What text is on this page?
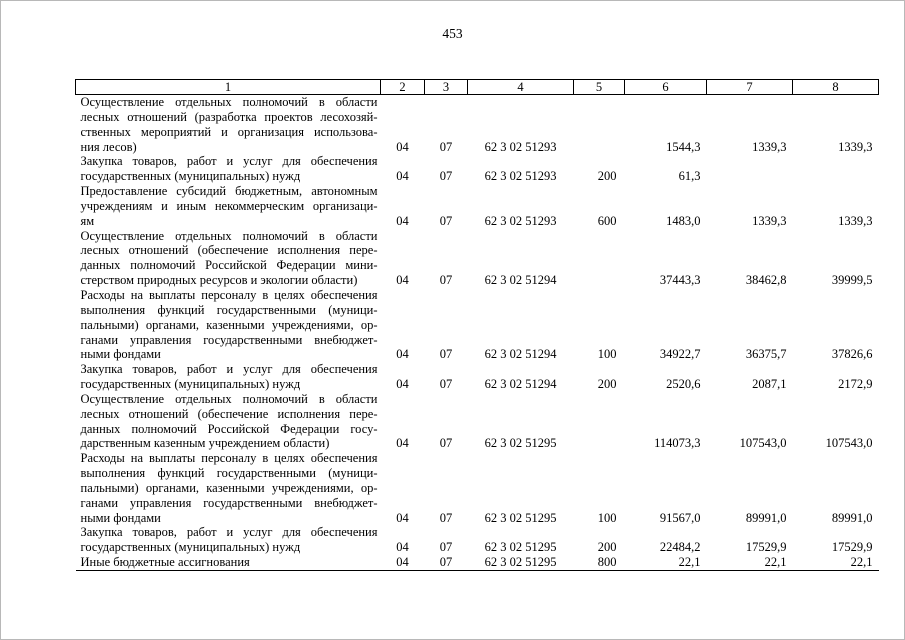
453
1	2	3	4	5	6	7	8

Осуществление отдельных полномочий в области
лесных отношений (разработка проектов лесохозяй-
ственных мероприятий и организация использова-
ния лесов)	04	07	62 3 02 51293		1544,3	1339,3	1339,3

Закупка товаров, работ и услуг для обеспечения
государственных (муниципальных) нужд	04	07	62 3 02 51293	200	61,3		

Предоставление субсидий бюджетным, автономным
учреждениям и иным некоммерческим организаци-
ям	04	07	62 3 02 51293	600	1483,0	1339,3	1339,3

Осуществление отдельных полномочий в области
лесных отношений (обеспечение исполнения пере-
данных полномочий Российской Федерации мини-
стерством природных ресурсов и экологии области)	04	07	62 3 02 51294		37443,3	38462,8	39999,5

Расходы на выплаты персоналу в целях обеспечения
выполнения функций государственными (муници-
пальными) органами, казенными учреждениями, ор-
ганами управления государственными внебюджет-
ными фондами	04	07	62 3 02 51294	100	34922,7	36375,7	37826,6

Закупка товаров, работ и услуг для обеспечения
государственных (муниципальных) нужд	04	07	62 3 02 51294	200	2520,6	2087,1	2172,9

Осуществление отдельных полномочий в области
лесных отношений (обеспечение исполнения пере-
данных полномочий Российской Федерации госу-
дарственным казенным учреждением области)	04	07	62 3 02 51295		114073,3	107543,0	107543,0

Расходы на выплаты персоналу в целях обеспечения
выполнения функций государственными (муници-
пальными) органами, казенными учреждениями, ор-
ганами управления государственными внебюджет-
ными фондами	04	07	62 3 02 51295	100	91567,0	89991,0	89991,0

Закупка товаров, работ и услуг для обеспечения
государственных (муниципальных) нужд	04	07	62 3 02 51295	200	22484,2	17529,9	17529,9

Иные бюджетные ассигнования	04	07	62 3 02 51295	800	22,1	22,1	22,1
